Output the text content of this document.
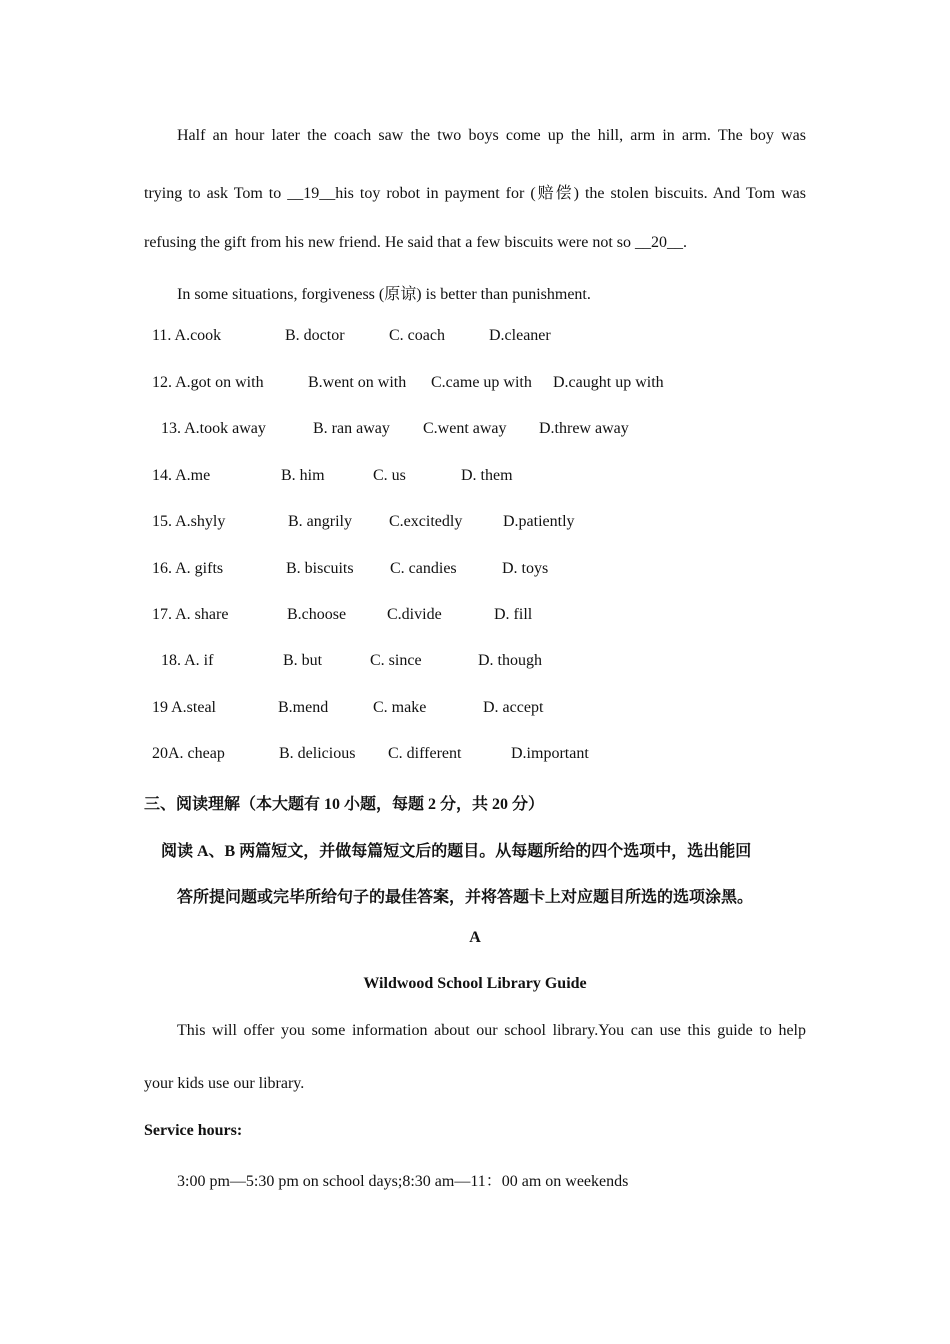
Half an hour later the coach saw the two boys come up the hill, arm in arm. The boy was
trying to ask Tom to __19__his toy robot in payment for (赔偿) the stolen biscuits. And Tom was
refusing the gift from his new friend. He said that a few biscuits were not so __20__.
In some situations, forgiveness (原谅) is better than punishment.
11. A.cook	B. doctor	C. coach	D.cleaner
12. A.got on with	B.went on with C.came up with D.caught up with
13. A.took away	B. ran away C.went away D.threw away
14. A.me	B. him	C. us	D. them
15. A.shyly	B. angrily C.excitedly	D.patiently
16. A. gifts	B. biscuits C. candies	D. toys
17. A. share	B.choose	C.divide	D. fill
18. A. if	B. but	C. since	D. though
19 A.steal	B.mend	C. make	D. accept
20A. cheap	B. delicious C. different	D.important
三、阅读理解（本大题有 10 小题，每题 2 分，共 20 分）
阅读 A、B 两篇短文，并做每篇短文后的题目。从每题所给的四个选项中，选出能回
答所提问题或完毕所给句子的最佳答案，并将答题卡上对应题目所选的选项涂黑。
A
Wildwood School Library Guide
This will offer you some information about our school library.You can use this guide to help
your kids use our library.
Service hours:
3:00 pm—5:30 pm on school days;8:30 am—11：00 am on weekends
